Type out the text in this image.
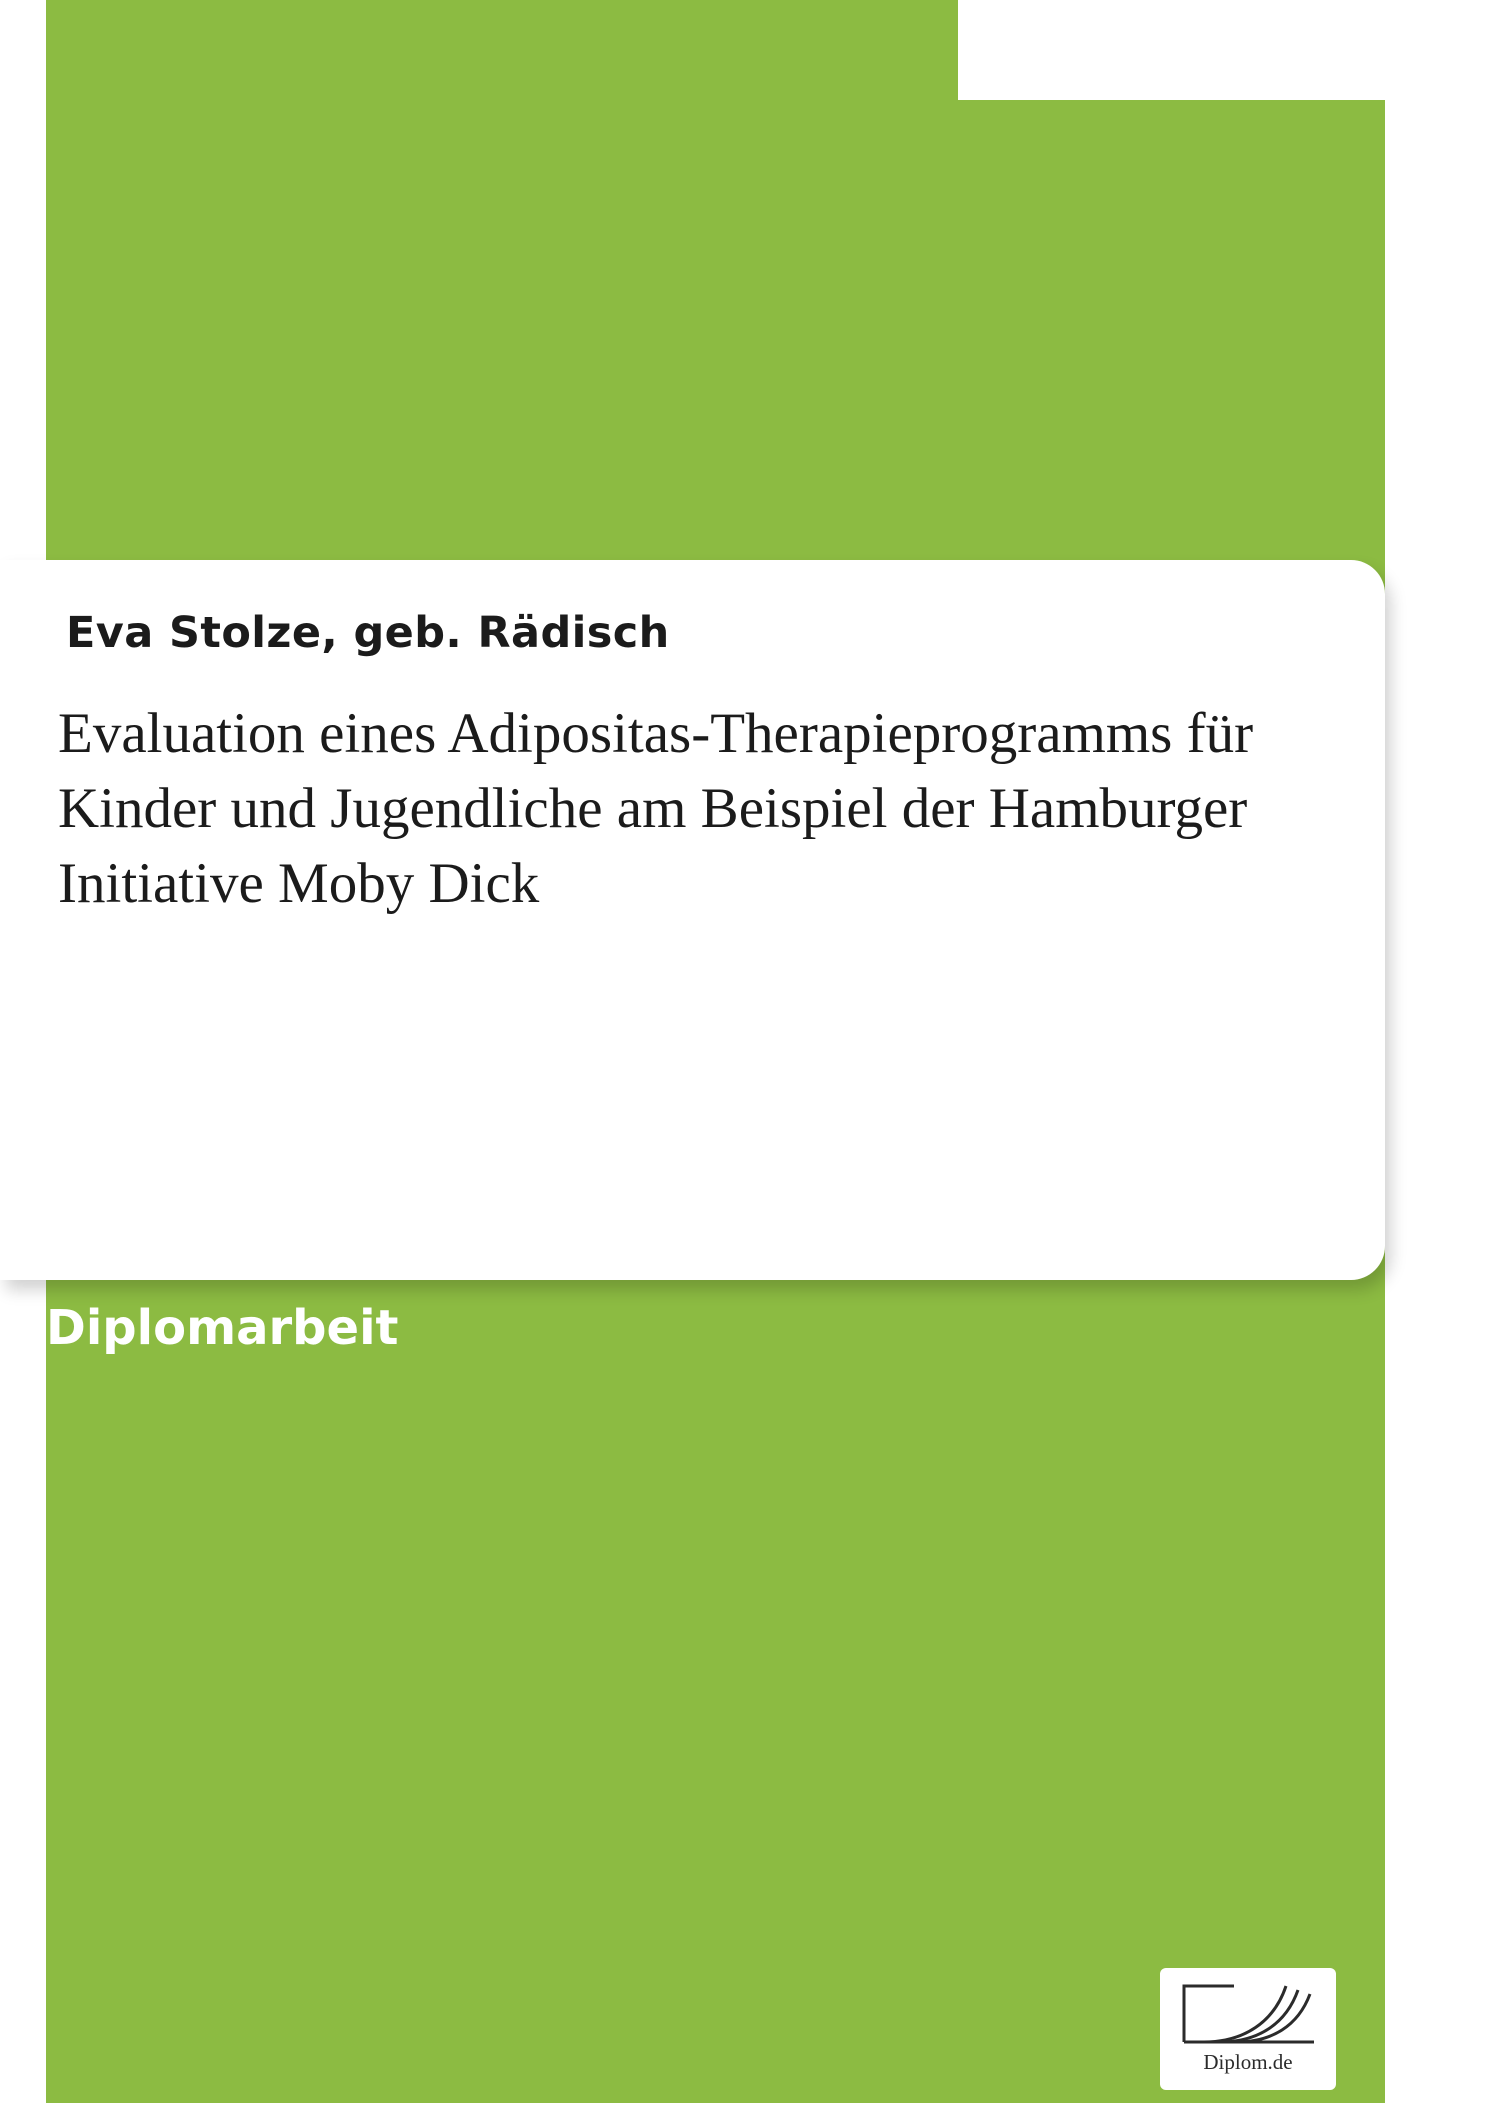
Sport
Eva Stolze, geb. Rädisch
Evaluation eines Adipositas-Therapieprogramms für Kinder und Jugendliche am Beispiel der Hamburger Initiative Moby Dick
Diplomarbeit
Diplom.de
